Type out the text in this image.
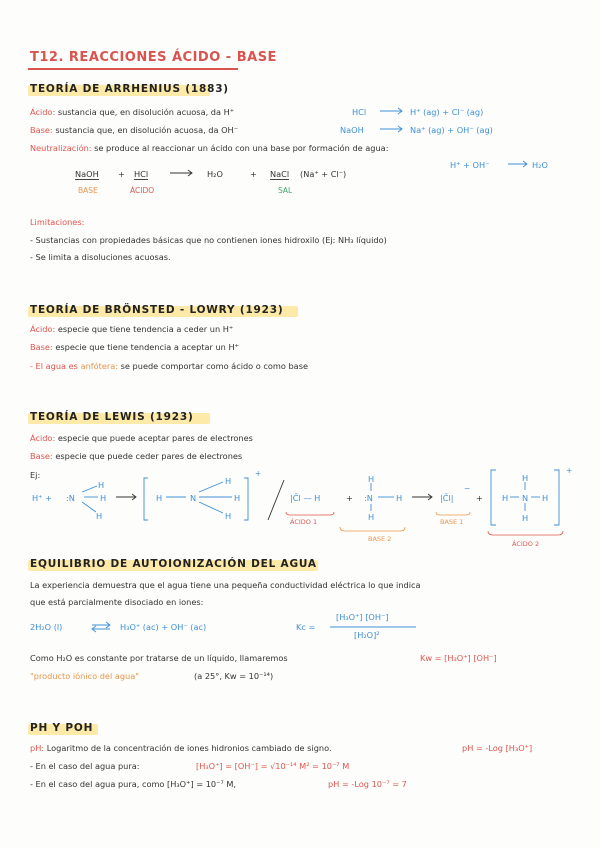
T12. REACCIONES ÁCIDO - BASE
TEORÍA DE ARRHENIUS (1883)
Ácido: sustancia que, en disolución acuosa, da H⁺	HCl	H⁺ (ag) + Cl⁻ (ag)
Base: sustancia que, en disolución acuosa, da OH⁻	NaOH	Na⁺ (ag) + OH⁻ (ag)
Neutralización: se produce al reaccionar un ácido con una base por formación de agua:
H⁺ + OH⁻	H₂O
NaOH
BASE
+ HCl
ÁCIDO
H₂O	+ NaCl (Na⁺ + Cl⁻)
SAL
Limitaciones:
- Sustancias con propiedades básicas que no contienen iones hidroxilo (Ej: NH₃ líquido)
- Se limita a disoluciones acuosas.
TEORÍA DE BRÖNSTED - LOWRY (1923)
Ácido: especie que tiene tendencia a ceder un H⁺
Base: especie que tiene tendencia a aceptar un H⁺
- El agua es anfótera: se puede comportar como ácido o como base
TEORÍA DE LEWIS (1923)
Ácido: especie que puede aceptar pares de electrones
Base: especie que puede ceder pares de electrones
Ej:
H⁺ + :N
H
H
H
H	N
H
H
H
+
|C̄l — H
ÁCIDO 1
+
H
:N	H
H
BASE 2
|C̄l|
−
BASE 1
+
H
H N H
H
+
ÁCIDO 2
EQUILIBRIO DE AUTOIONIZACIÓN DEL AGUA
La experiencia demuestra que el agua tiene una pequeña conductividad eléctrica lo que indica
que está parcialmente disociado en iones:
2H₂O (l)	H₃O⁺ (ac) + OH⁻ (ac)	Kc =
[H₃O⁺] [OH⁻]
[H₂O]²
Como H₂O es constante por tratarse de un líquido, llamaremos	Kw = [H₃O⁺] [OH⁻]
"producto iónico del agua"	(a 25°, Kw = 10⁻¹⁴)
PH Y POH
pH: Logaritmo de la concentración de iones hidronios cambiado de signo.	pH = -Log [H₃O⁺]
- En el caso del agua pura:	[H₃O⁺] = [OH⁻] = √10⁻¹⁴ M² = 10⁻⁷ M
- En el caso del agua pura, como [H₃O⁺] = 10⁻⁷ M,	pH = -Log 10⁻⁷ = 7
